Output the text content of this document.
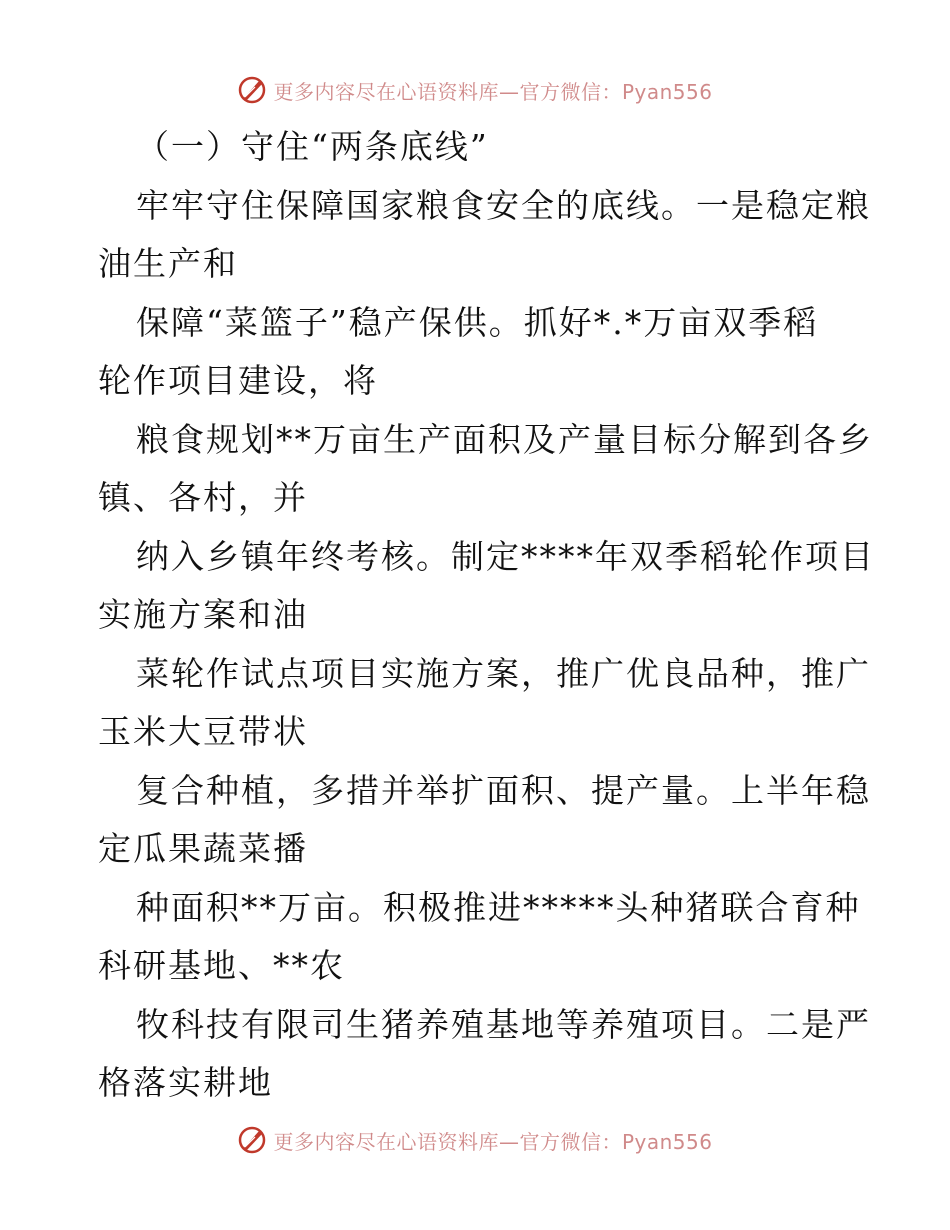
更多内容尽在心语资料库—官方微信：Pyan556
（一）守住“两条底线”
牢牢守住保障国家粮食安全的底线。一是稳定粮
油生产和
保障“菜篮子”稳产保供。抓好*.*万亩双季稻
轮作项目建设，将
粮食规划**万亩生产面积及产量目标分解到各乡
镇、各村，并
纳入乡镇年终考核。制定****年双季稻轮作项目
实施方案和油
菜轮作试点项目实施方案，推广优良品种，推广
玉米大豆带状
复合种植，多措并举扩面积、提产量。上半年稳
定瓜果蔬菜播
种面积**万亩。积极推进*****头种猪联合育种
科研基地、**农
牧科技有限司生猪养殖基地等养殖项目。二是严
格落实耕地
更多内容尽在心语资料库—官方微信：Pyan556
